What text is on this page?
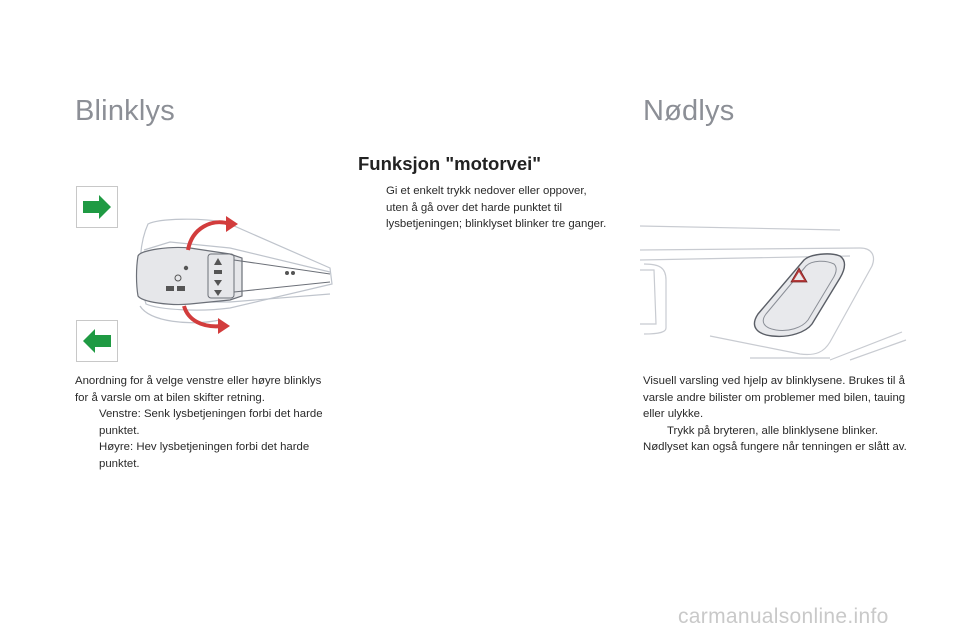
Blinklys	Nødlys
Funksjon "motorvei"
Anordning for å velge venstre eller høyre blinklys for å varsle om at bilen skifter retning.
Venstre: Senk lysbetjeningen forbi det harde punktet.
Høyre: Hev lysbetjeningen forbi det harde punktet.
Gi et enkelt trykk nedover eller oppover, uten å gå over det harde punktet til lysbetjeningen; blinklyset blinker tre ganger.
Visuell varsling ved hjelp av blinklysene. Brukes til å varsle andre bilister om problemer med bilen, tauing eller ulykke.
Trykk på bryteren, alle blinklysene blinker.
Nødlyset kan også fungere når tenningen er slått av.
carmanualsonline.info
